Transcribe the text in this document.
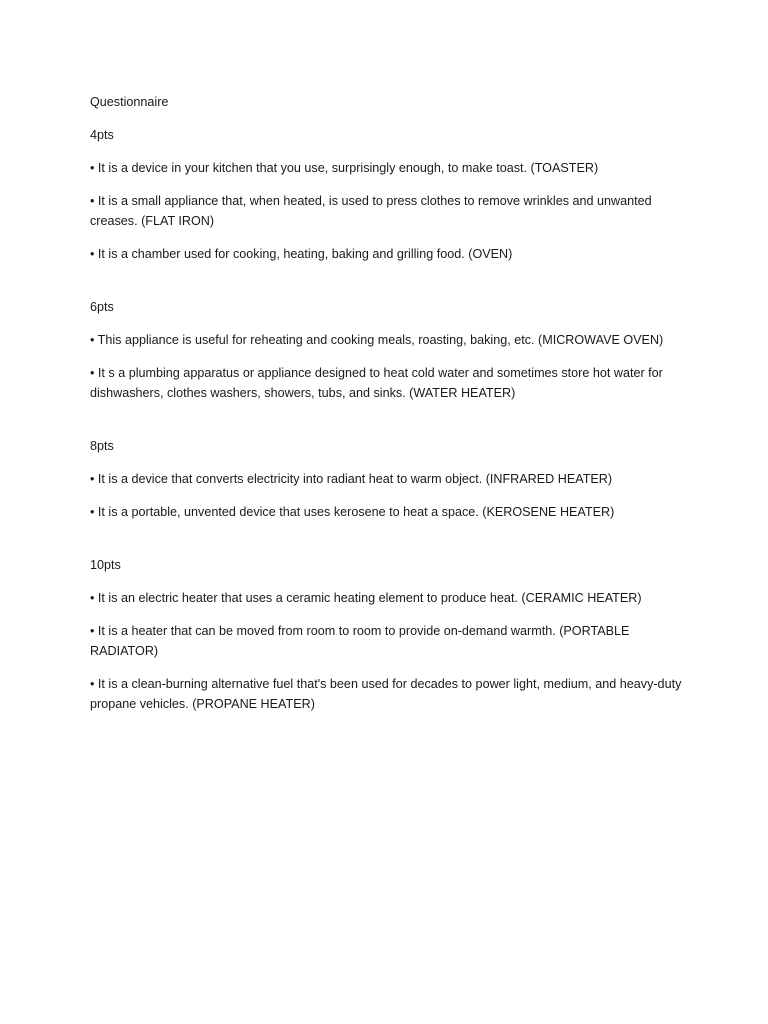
Questionnaire
4pts
• It is a device in your kitchen that you use, surprisingly enough, to make toast. (TOASTER)
• It is a small appliance that, when heated, is used to press clothes to remove wrinkles and unwanted creases. (FLAT IRON)
• It is a chamber used for cooking, heating, baking and grilling food. (OVEN)
6pts
• This appliance is useful for reheating and cooking meals, roasting, baking, etc. (MICROWAVE OVEN)
• It s a plumbing apparatus or appliance designed to heat cold water and sometimes store hot water for dishwashers, clothes washers, showers, tubs, and sinks. (WATER HEATER)
8pts
• It is a device that converts electricity into radiant heat to warm object. (INFRARED HEATER)
• It is a portable, unvented device that uses kerosene to heat a space. (KEROSENE HEATER)
10pts
• It is an electric heater that uses a ceramic heating element to produce heat. (CERAMIC HEATER)
• It is a heater that can be moved from room to room to provide on-demand warmth. (PORTABLE RADIATOR)
• It is a clean-burning alternative fuel that's been used for decades to power light, medium, and heavy-duty propane vehicles. (PROPANE HEATER)
